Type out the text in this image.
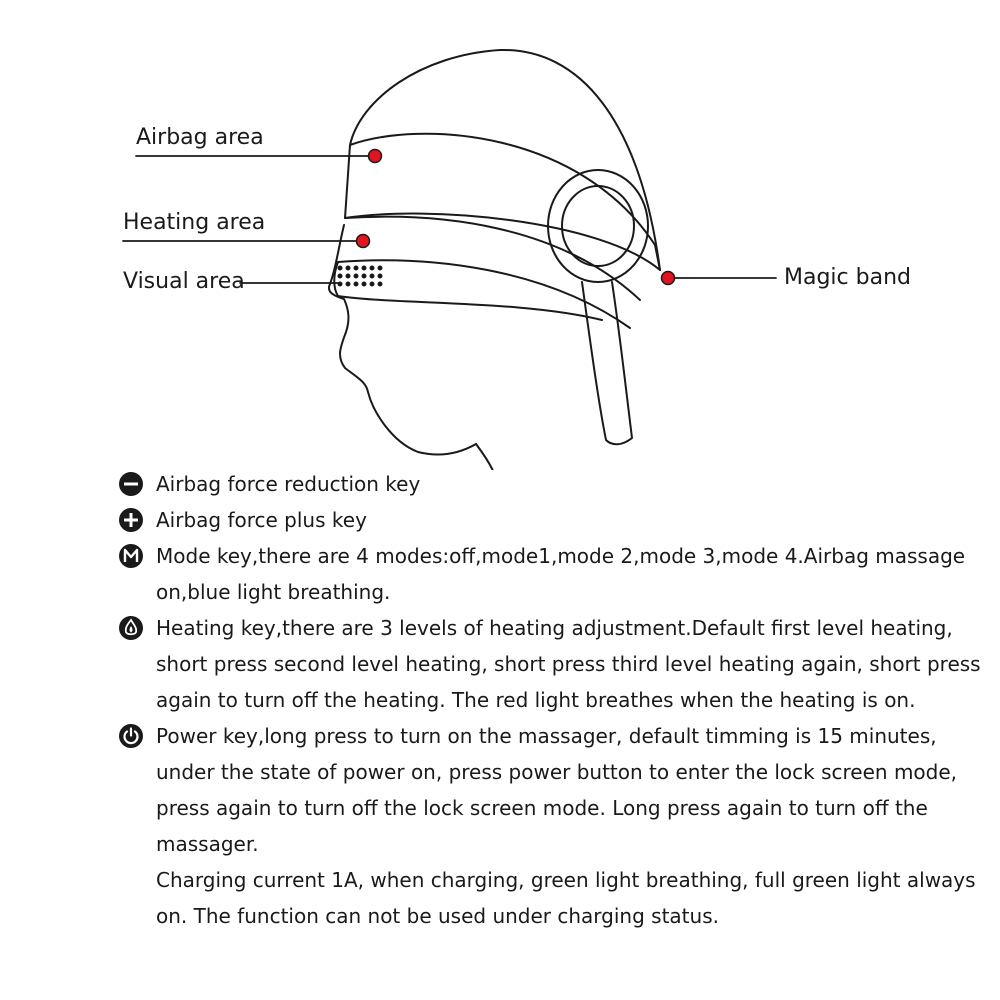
Airbag area
Heating area
Visual area	Magic band
Airbag force reduction key
Airbag force plus key
Mode key,there are 4 modes:off,mode1,mode 2,mode 3,mode 4.Airbag massage on,blue light breathing.
Heating key,there are 3 levels of heating adjustment.Default first level heating, short press second level heating, short press third level heating again, short press again to turn off the heating. The red light breathes when the heating is on.
Power key,long press to turn on the massager, default timming is 15 minutes, under the state of power on, press power button to enter the lock screen mode, press again to turn off the lock screen mode. Long press again to turn off the massager.
Charging current 1A, when charging, green light breathing, full green light always on. The function can not be used under charging status.
